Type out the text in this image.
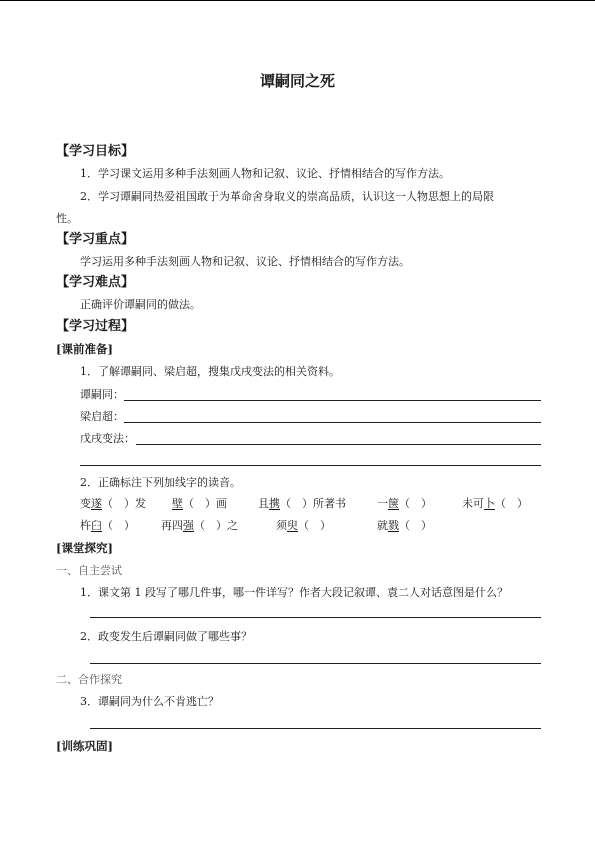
谭嗣同之死
【学习目标】
1．学习课文运用多种手法刻画人物和记叙、议论、抒情相结合的写作方法。
2．学习谭嗣同热爱祖国敢于为革命舍身取义的崇高品质，认识这一人物思想上的局限
性。
【学习重点】
学习运用多种手法刻画人物和记叙、议论、抒情相结合的写作方法。
【学习难点】
正确评价谭嗣同的做法。
【学习过程】
[课前准备]
1．了解谭嗣同、梁启超，搜集戊戌变法的相关资料。
谭嗣同：
梁启超：
戊戌变法：
2．正确标注下列加线字的读音。
变遂（　）发 壁（　）画	且携（　）所著书	一箧（　）	未可卜（　）
杵臼（　） 再四强（　）之	须臾（　）	就戮（　）
[课堂探究]
一、自主尝试
1．课文第 1 段写了哪几件事，哪一件详写？作者大段记叙谭、袁二人对话意图是什么？
2．政变发生后谭嗣同做了哪些事？
二、合作探究
3．谭嗣同为什么不肯逃亡？
[训练巩固]
